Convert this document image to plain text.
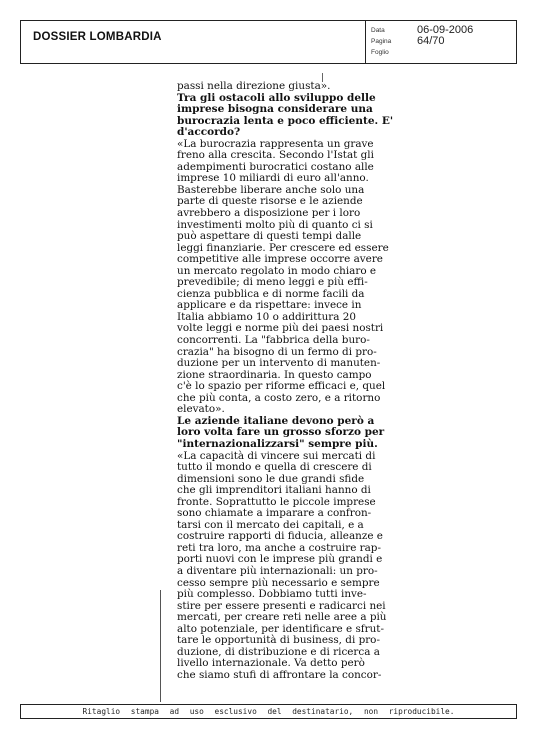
DOSSIER LOMBARDIA
Data	06-09-2006
Pagina 64/70
Foglio
passi nella direzione giusta».
Tra gli ostacoli allo sviluppo delle
imprese bisogna considerare una
burocrazia lenta e poco efficiente. E'
d'accordo?
«La burocrazia rappresenta un grave
freno alla crescita. Secondo l'Istat gli
adempimenti burocratici costano alle
imprese 10 miliardi di euro all'anno.
Basterebbe liberare anche solo una
parte di queste risorse e le aziende
avrebbero a disposizione per i loro
investimenti molto più di quanto ci si
può aspettare di questi tempi dalle
leggi finanziarie. Per crescere ed essere
competitive alle imprese occorre avere
un mercato regolato in modo chiaro e
prevedibile; di meno leggi e più effi-
cienza pubblica e di norme facili da
applicare e da rispettare: invece in
Italia abbiamo 10 o addirittura 20
volte leggi e norme più dei paesi nostri
concorrenti. La "fabbrica della buro-
crazia" ha bisogno di un fermo di pro-
duzione per un intervento di manuten-
zione straordinaria. In questo campo
c'è lo spazio per riforme efficaci e, quel
che più conta, a costo zero, e a ritorno
elevato».
Le aziende italiane devono però a
loro volta fare un grosso sforzo per
"internazionalizzarsi" sempre più.
«La capacità di vincere sui mercati di
tutto il mondo e quella di crescere di
dimensioni sono le due grandi sfide
che gli imprenditori italiani hanno di
fronte. Soprattutto le piccole imprese
sono chiamate a imparare a confron-
tarsi con il mercato dei capitali, e a
costruire rapporti di fiducia, alleanze e
reti tra loro, ma anche a costruire rap-
porti nuovi con le imprese più grandi e
a diventare più internazionali: un pro-
cesso sempre più necessario e sempre
più complesso. Dobbiamo tutti inve-
stire per essere presenti e radicarci nei
mercati, per creare reti nelle aree a più
alto potenziale, per identificare e sfrut-
tare le opportunità di business, di pro-
duzione, di distribuzione e di ricerca a
livello internazionale. Va detto però
che siamo stufi di affrontare la concor-
Ritaglio stampa ad uso esclusivo del destinatario, non riproducibile.
